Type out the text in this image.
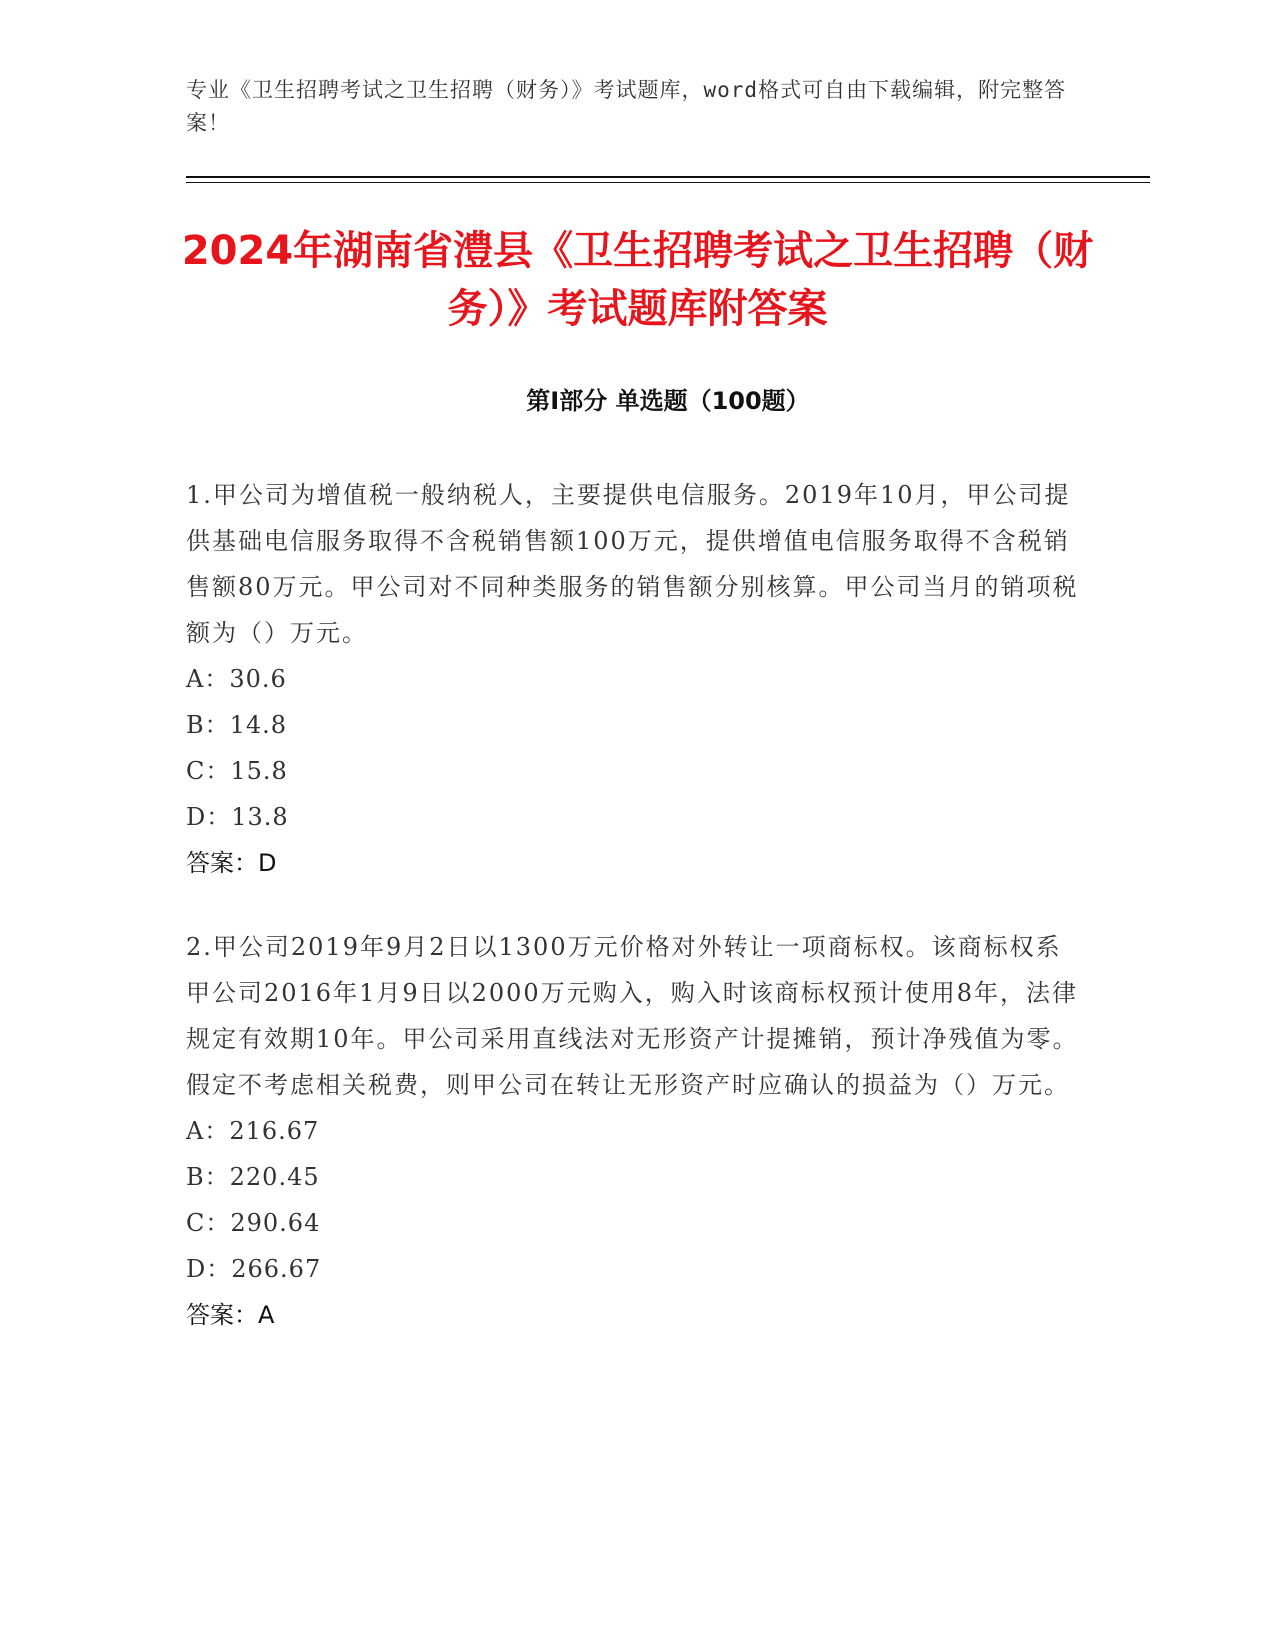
专业《卫生招聘考试之卫生招聘（财务）》考试题库，word格式可自由下载编辑，附完整答案！
2024年湖南省澧县《卫生招聘考试之卫生招聘（财务）》考试题库附答案
第I部分 单选题（100题）

1.甲公司为增值税一般纳税人，主要提供电信服务。2019年10月，甲公司提供基础电信服务取得不含税销售额100万元，提供增值电信服务取得不含税销售额80万元。甲公司对不同种类服务的销售额分别核算。甲公司当月的销项税额为（）万元。

A：30.6
B：14.8
C：15.8
D：13.8
答案：D

2.甲公司2019年9月2日以1300万元价格对外转让一项商标权。该商标权系甲公司2016年1月9日以2000万元购入，购入时该商标权预计使用8年，法律规定有效期10年。甲公司采用直线法对无形资产计提摊销，预计净残值为零。假定不考虑相关税费，则甲公司在转让无形资产时应确认的损益为（）万元。

A：216.67
B：220.45
C：290.64
D：266.67
答案：A
